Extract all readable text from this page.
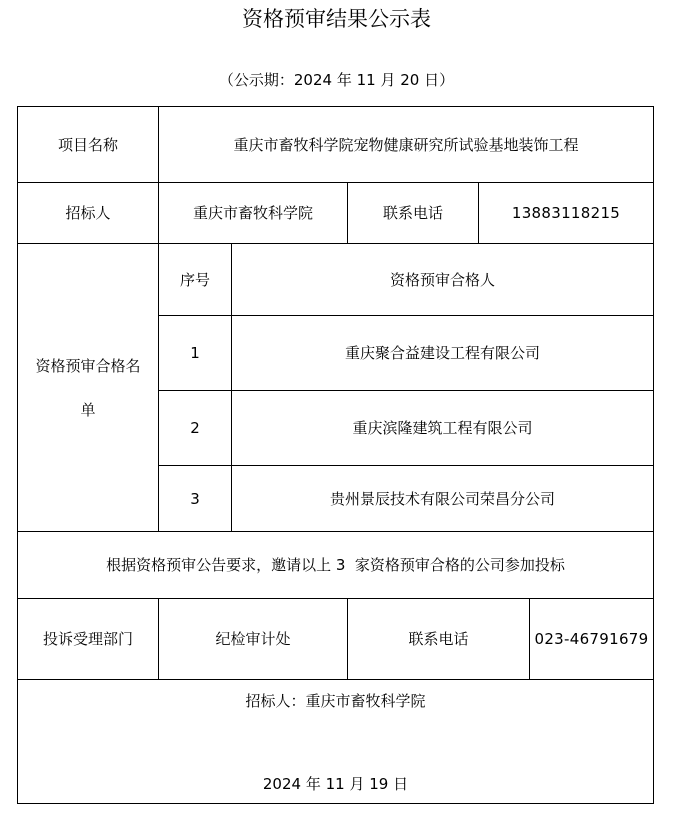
资格预审结果公示表
（公示期：2024 年 11 月 20 日）
项目名称	重庆市畜牧科学院宠物健康研究所试验基地装饰工程
招标人	重庆市畜牧科学院	联系电话	13883118215
资格预审合格名
单
序号	资格预审合格人
1	重庆聚合益建设工程有限公司
2	重庆滨隆建筑工程有限公司
3	贵州景辰技术有限公司荣昌分公司
根据资格预审公告要求，邀请以上 3  家资格预审合格的公司参加投标
投诉受理部门	纪检审计处	联系电话	023-46791679
招标人：重庆市畜牧科学院
2024 年 11 月 19 日
